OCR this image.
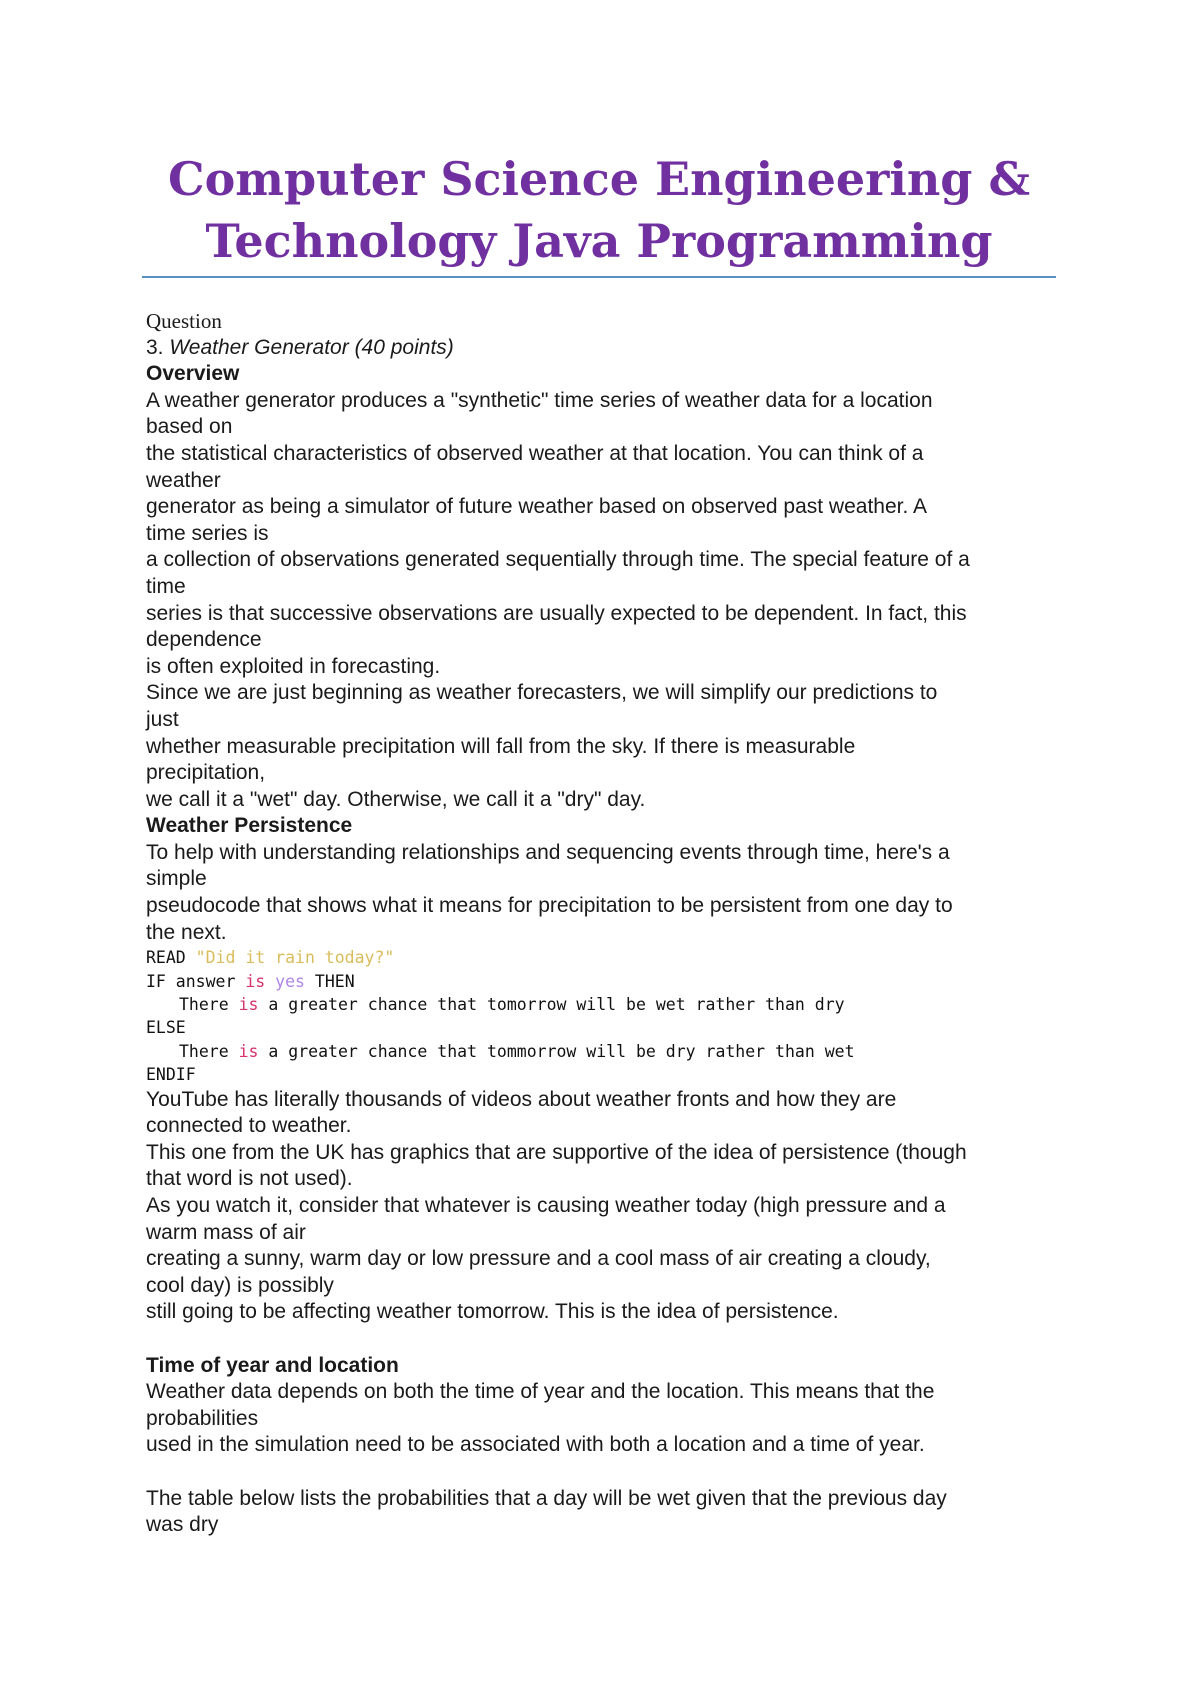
Computer Science Engineering &
Technology Java Programming
Question
3. Weather Generator (40 points)
Overview
A weather generator produces a "synthetic" time series of weather data for a location
based on
the statistical characteristics of observed weather at that location. You can think of a
weather
generator as being a simulator of future weather based on observed past weather. A
time series is
a collection of observations generated sequentially through time. The special feature of a
time
series is that successive observations are usually expected to be dependent. In fact, this
dependence
is often exploited in forecasting.
Since we are just beginning as weather forecasters, we will simplify our predictions to
just
whether measurable precipitation will fall from the sky. If there is measurable
precipitation,
we call it a "wet" day. Otherwise, we call it a "dry" day.
Weather Persistence
To help with understanding relationships and sequencing events through time, here's a
simple
pseudocode that shows what it means for precipitation to be persistent from one day to
the next.
READ "Did it rain today?"
IF answer is yes THEN
There is a greater chance that tomorrow will be wet rather than dry
ELSE
There is a greater chance that tommorrow will be dry rather than wet
ENDIF
YouTube has literally thousands of videos about weather fronts and how they are
connected to weather.
This one from the UK has graphics that are supportive of the idea of persistence (though
that word is not used).
As you watch it, consider that whatever is causing weather today (high pressure and a
warm mass of air
creating a sunny, warm day or low pressure and a cool mass of air creating a cloudy,
cool day) is possibly
still going to be affecting weather tomorrow. This is the idea of persistence.
Time of year and location
Weather data depends on both the time of year and the location. This means that the
probabilities
used in the simulation need to be associated with both a location and a time of year.
The table below lists the probabilities that a day will be wet given that the previous day
was dry
